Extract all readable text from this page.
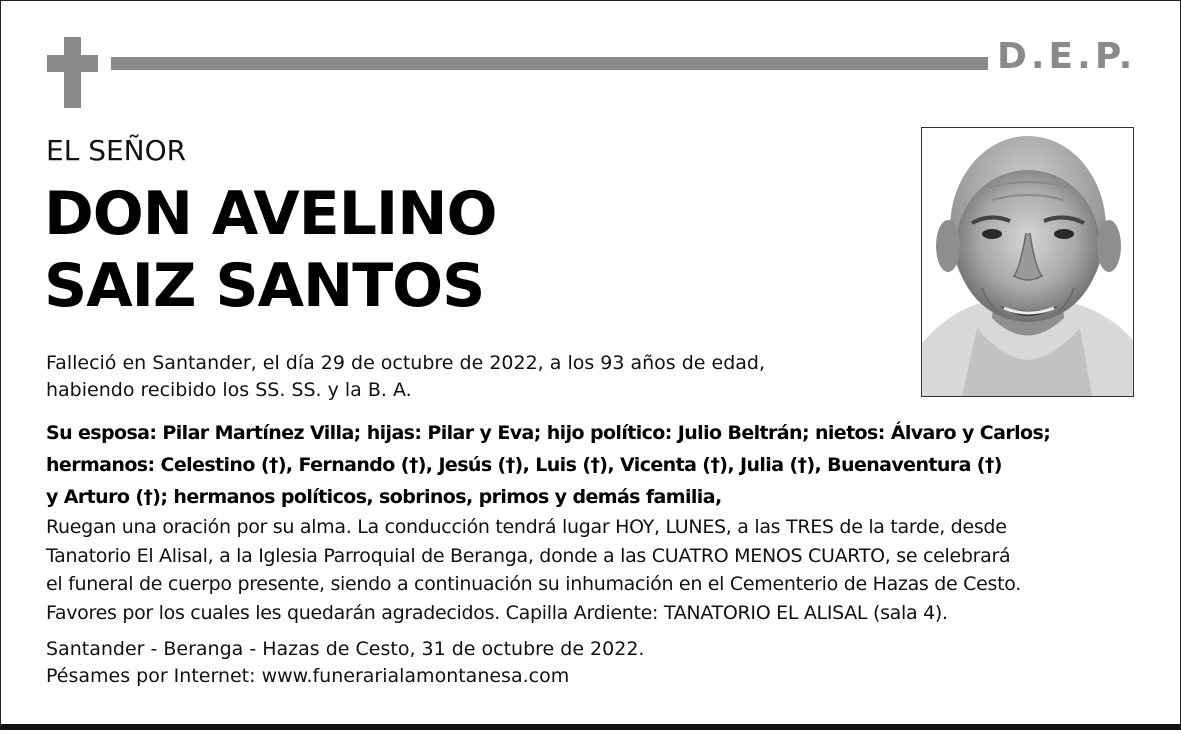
D.E.P.
EL SEÑOR
DON AVELINO
SAIZ SANTOS
Falleció en Santander, el día 29 de octubre de 2022, a los 93 años de edad,
habiendo recibido los SS. SS. y la B. A.
Su esposa: Pilar Martínez Villa; hijas: Pilar y Eva; hijo político: Julio Beltrán; nietos: Álvaro y Carlos;
hermanos: Celestino (†), Fernando (†), Jesús (†), Luis (†), Vicenta (†), Julia (†), Buenaventura (†)
y Arturo (†); hermanos políticos, sobrinos, primos y demás familia,
Ruegan una oración por su alma. La conducción tendrá lugar HOY, LUNES, a las TRES de la tarde, desde
Tanatorio El Alisal, a la Iglesia Parroquial de Beranga, donde a las CUATRO MENOS CUARTO, se celebrará
el funeral de cuerpo presente, siendo a continuación su inhumación en el Cementerio de Hazas de Cesto.
Favores por los cuales les quedarán agradecidos. Capilla Ardiente: TANATORIO EL ALISAL (sala 4).
Santander - Beranga - Hazas de Cesto, 31 de octubre de 2022.
Pésames por Internet: www.funerarialamontanesa.com
